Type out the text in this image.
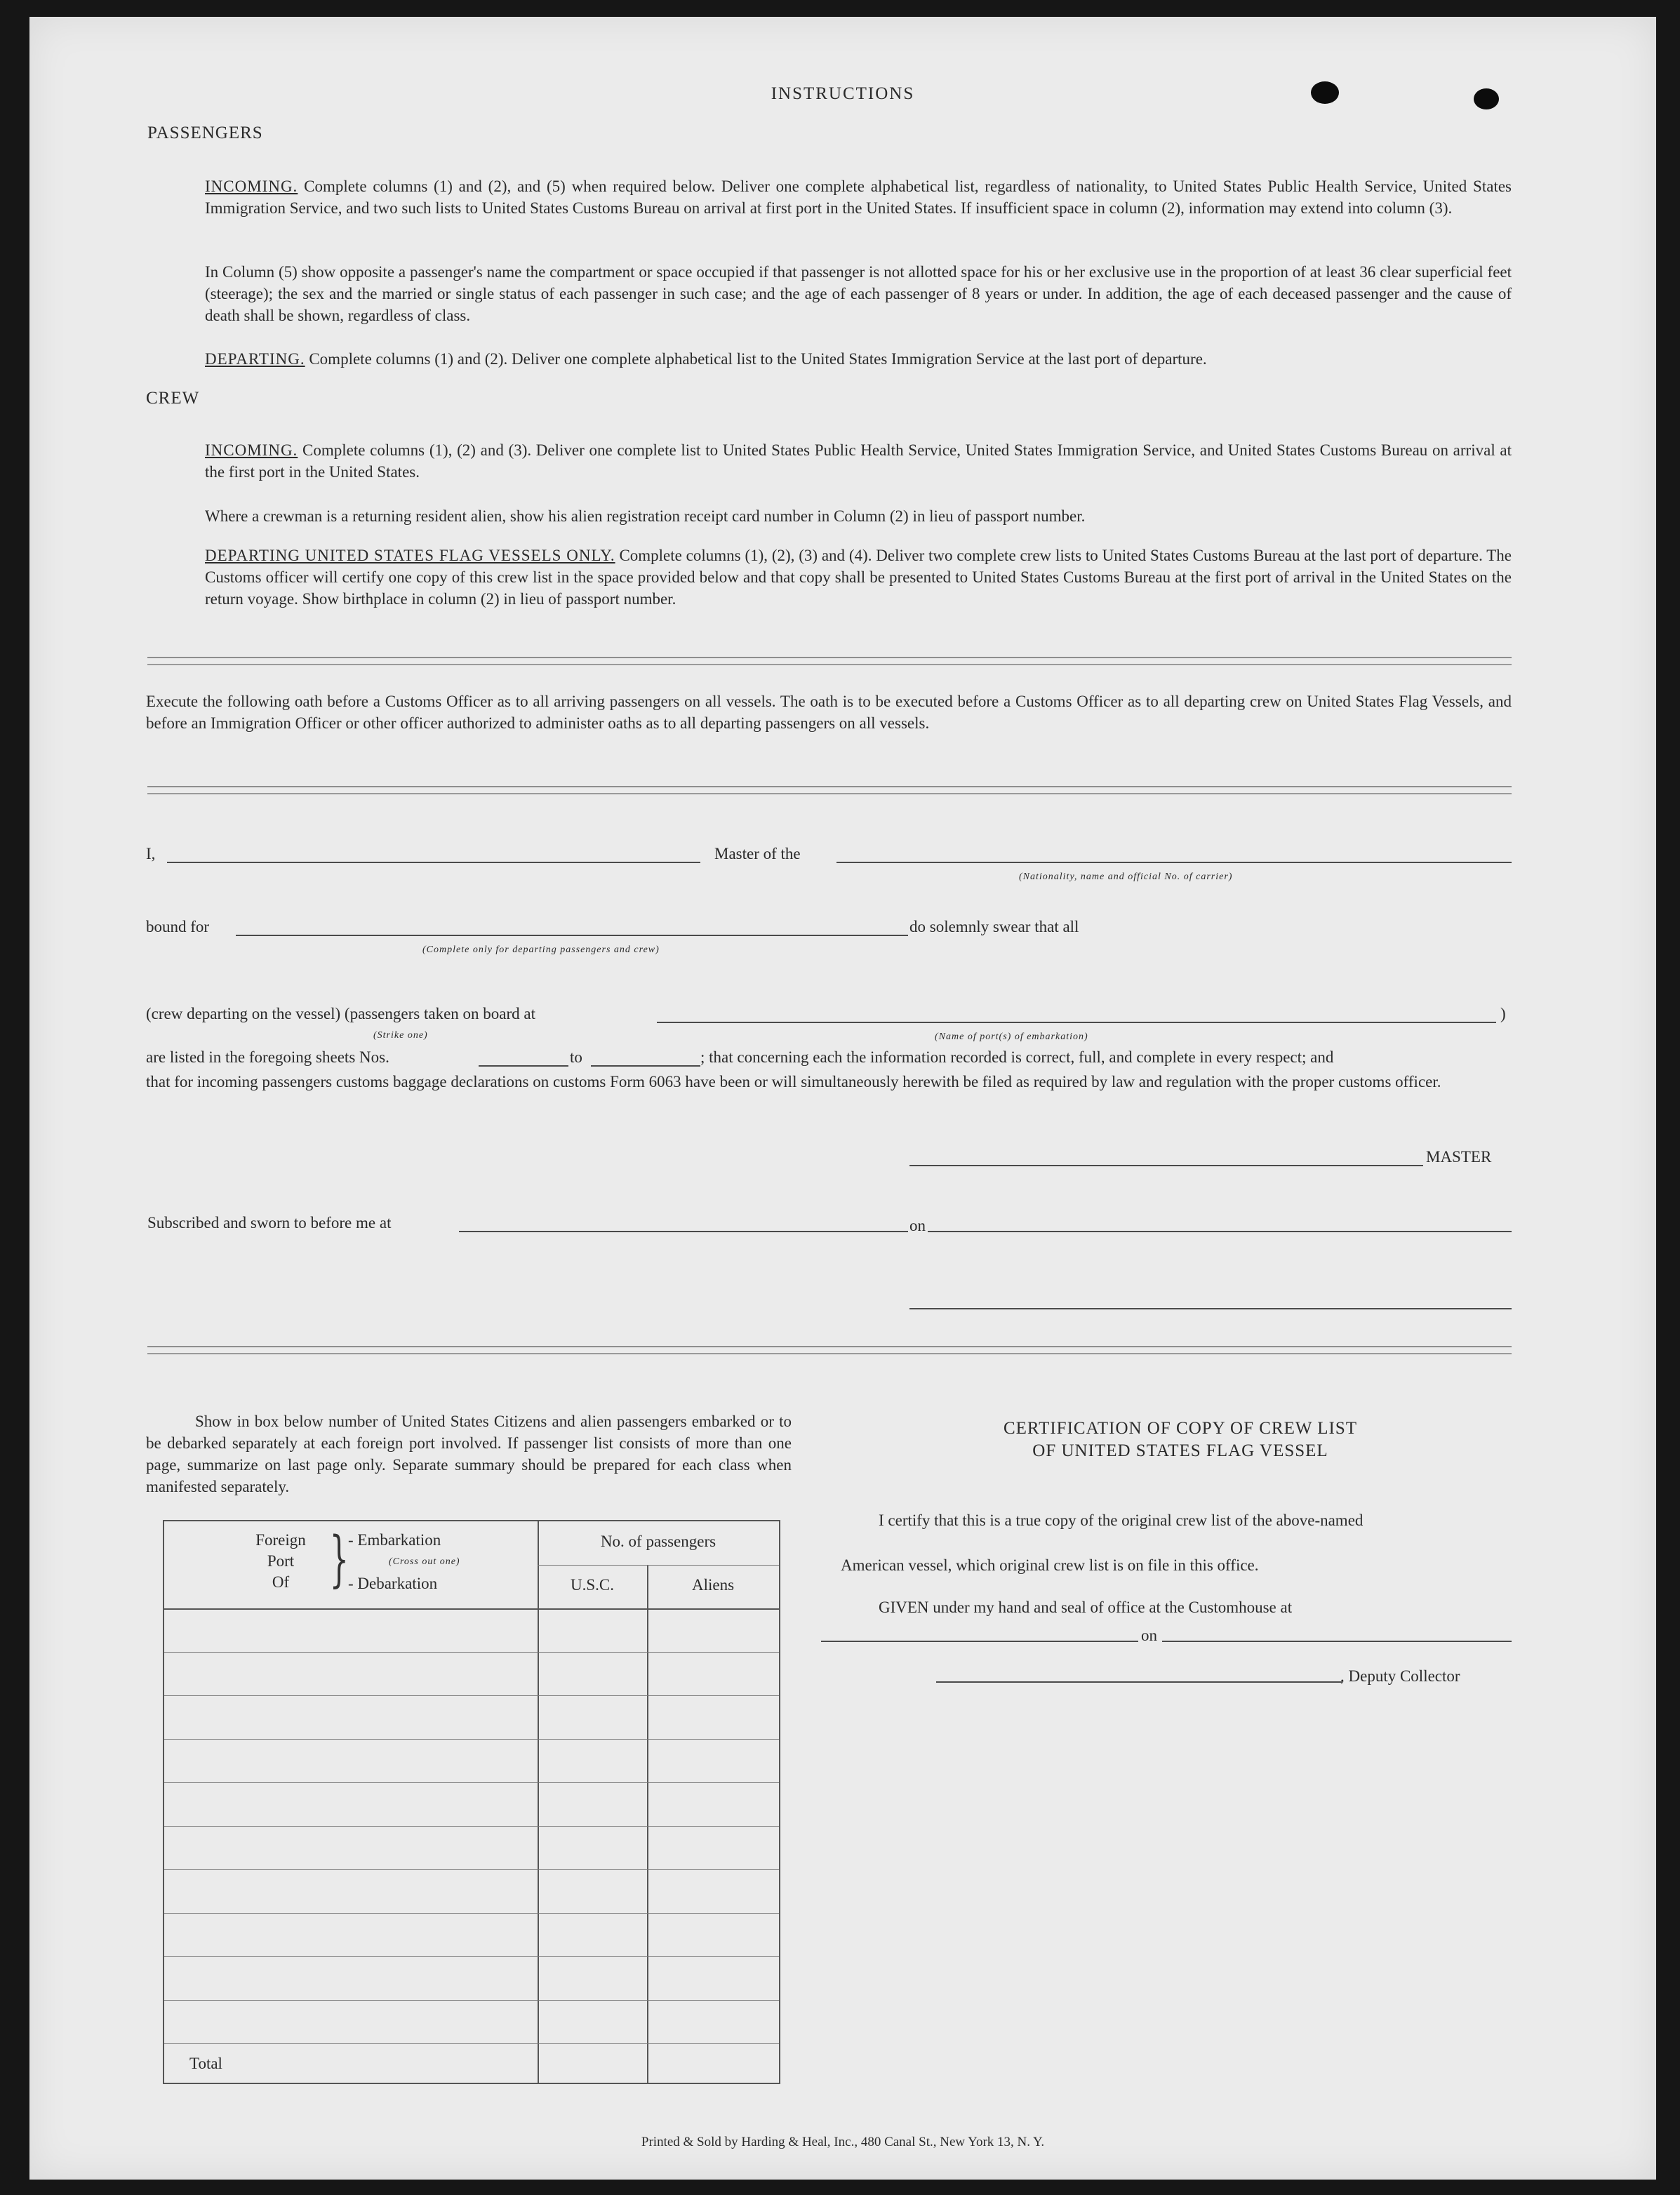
INSTRUCTIONS
PASSENGERS
INCOMING. Complete columns (1) and (2), and (5) when required below. Deliver one complete alphabetical list, regardless of nationality, to United States Public Health Service, United States Immigration Service, and two such lists to United States Customs Bureau on arrival at first port in the United States. If insufficient space in column (2), information may extend into column (3).
In Column (5) show opposite a passenger's name the compartment or space occupied if that passenger is not allotted space for his or her exclusive use in the proportion of at least 36 clear superficial feet (steerage); the sex and the married or single status of each passenger in such case; and the age of each passenger of 8 years or under. In addition, the age of each deceased passenger and the cause of death shall be shown, regardless of class.
DEPARTING. Complete columns (1) and (2). Deliver one complete alphabetical list to the United States Immigration Service at the last port of departure.
CREW
INCOMING. Complete columns (1), (2) and (3). Deliver one complete list to United States Public Health Service, United States Immigration Service, and United States Customs Bureau on arrival at the first port in the United States.
Where a crewman is a returning resident alien, show his alien registration receipt card number in Column (2) in lieu of passport number.
DEPARTING UNITED STATES FLAG VESSELS ONLY. Complete columns (1), (2), (3) and (4). Deliver two complete crew lists to United States Customs Bureau at the last port of departure. The Customs officer will certify one copy of this crew list in the space provided below and that copy shall be presented to United States Customs Bureau at the first port of arrival in the United States on the return voyage. Show birthplace in column (2) in lieu of passport number.
Execute the following oath before a Customs Officer as to all arriving passengers on all vessels. The oath is to be executed before a Customs Officer as to all departing crew on United States Flag Vessels, and before an Immigration Officer or other officer authorized to administer oaths as to all departing passengers on all vessels.
I,	Master of the
(Nationality, name and official No. of carrier)
bound for
(Complete only for departing passengers and crew)
do solemnly swear that all
(crew departing on the vessel) (passengers taken on board at	)
(Strike one)	(Name of port(s) of embarkation)
are listed in the foregoing sheets Nos.	to	; that concerning each the information recorded is correct, full, and complete in every respect; and
that for incoming passengers customs baggage declarations on customs Form 6063 have been or will simultaneously herewith be filed as required by law and regulation with the proper customs officer.
MASTER
Subscribed and sworn to before me at	on
Show in box below number of United States Citizens and alien passengers embarked or to be debarked separately at each foreign port involved. If passenger list consists of more than one page, summarize on last page only. Separate summary should be prepared for each class when manifested separately.
Foreign
Port
Of }
- Embarkation
(Cross out one)
- Debarkation
No. of passengers
U.S.C.	Aliens
Total
CERTIFICATION OF COPY OF CREW LIST
OF UNITED STATES FLAG VESSEL
I certify that this is a true copy of the original crew list of the above-named
American vessel, which original crew list is on file in this office.
GIVEN under my hand and seal of office at the Customhouse at
on
, Deputy Collector
Printed & Sold by Harding & Heal, Inc., 480 Canal St., New York 13, N. Y.
